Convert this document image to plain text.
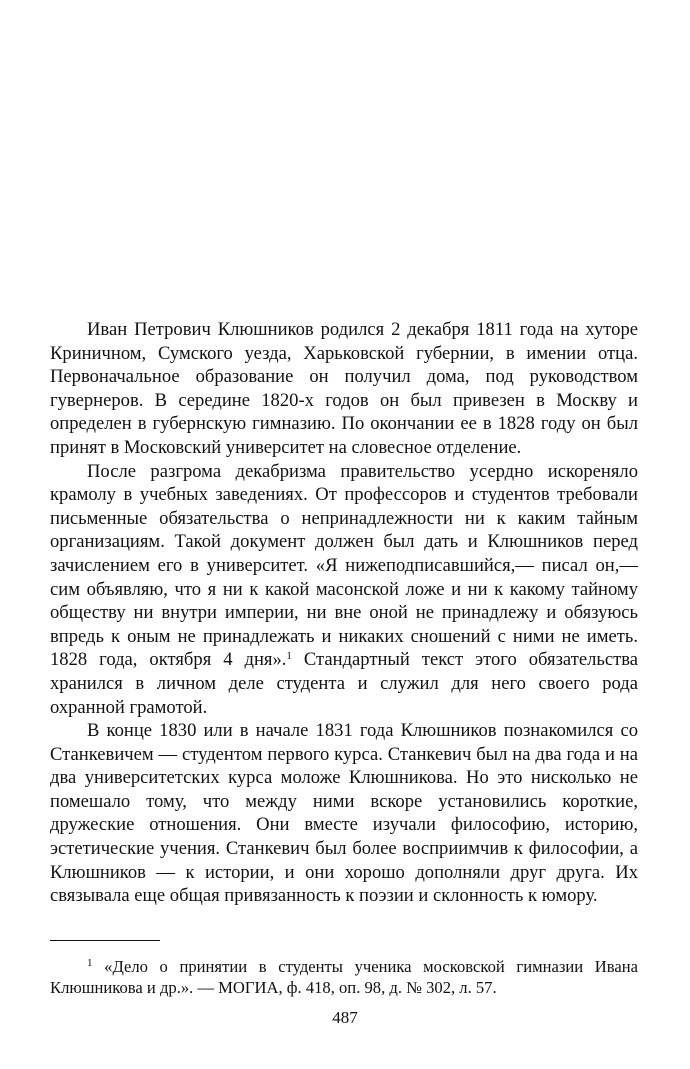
Иван Петрович Клюшников родился 2 декабря 1811 года на хуторе Криничном, Сумского уезда, Харьковской губернии, в имении отца. Первоначальное образование он получил дома, под руководством гувернеров. В середине 1820-х годов он был привезен в Москву и определен в губернскую гимназию. По окончании ее в 1828 году он был принят в Московский университет на словесное отделение.

После разгрома декабризма правительство усердно искореняло крамолу в учебных заведениях. От профессоров и студентов требовали письменные обязательства о непринадлежности ни к каким тайным организациям. Такой документ должен был дать и Клюшников перед зачислением его в университет. «Я нижеподписавшийся,— писал он,— сим объявляю, что я ни к какой масонской ложе и ни к какому тайному обществу ни внутри империи, ни вне оной не принадлежу и обязуюсь впредь к оным не принадлежать и никаких сношений с ними не иметь. 1828 года, октября 4 дня».$^1$ Стандартный текст этого обязательства хранился в личном деле студента и служил для него своего рода охранной грамотой.

В конце 1830 или в начале 1831 года Клюшников познакомился со Станкевичем — студентом первого курса. Станкевич был на два года и на два университетских курса моложе Клюшникова. Но это нисколько не помешало тому, что между ними вскоре установились короткие, дружеские отношения. Они вместе изучали философию, историю, эстетические учения. Станкевич был более восприимчив к философии, а Клюшников — к истории, и они хорошо дополняли друг друга. Их связывала еще общая привязанность к поэзии и склонность к юмору.

$^1$ «Дело о принятии в студенты ученика московской гимназии Ивана Клюшникова и др.». — МОГИА, ф. 418, оп. 98, д. № 302, л. 57.

487
